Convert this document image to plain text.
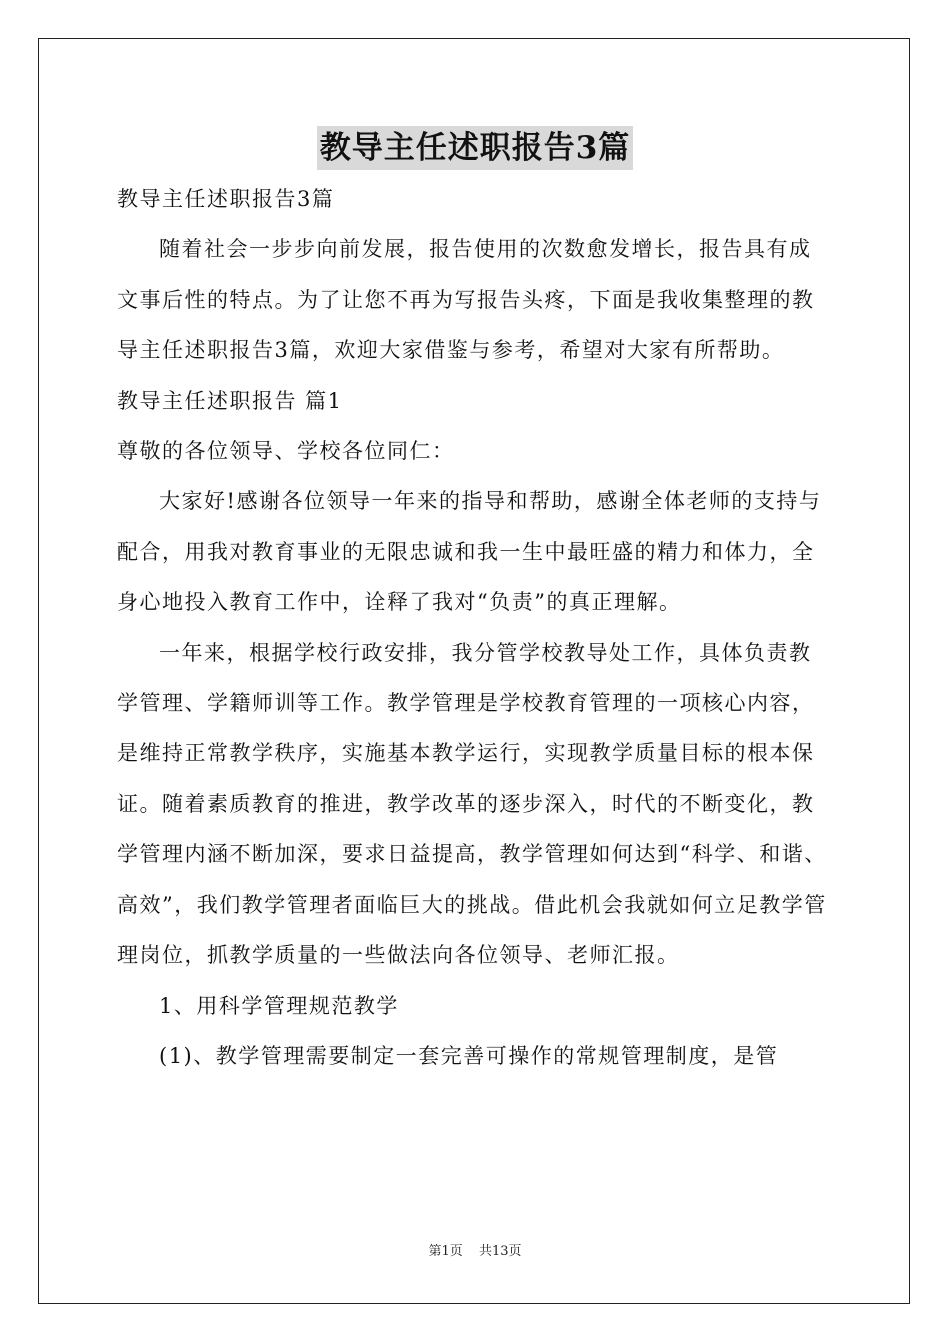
教导主任述职报告3篇

教导主任述职报告3篇

随着社会一步步向前发展，报告使用的次数愈发增长，报告具有成文事后性的特点。为了让您不再为写报告头疼，下面是我收集整理的教导主任述职报告3篇，欢迎大家借鉴与参考，希望对大家有所帮助。

教导主任述职报告 篇1

尊敬的各位领导、学校各位同仁：

大家好!感谢各位领导一年来的指导和帮助，感谢全体老师的支持与配合，用我对教育事业的无限忠诚和我一生中最旺盛的精力和体力，全身心地投入教育工作中，诠释了我对“负责”的真正理解。

一年来，根据学校行政安排，我分管学校教导处工作，具体负责教学管理、学籍师训等工作。教学管理是学校教育管理的一项核心内容，是维持正常教学秩序，实施基本教学运行，实现教学质量目标的根本保证。随着素质教育的推进，教学改革的逐步深入，时代的不断变化，教学管理内涵不断加深，要求日益提高，教学管理如何达到“科学、和谐、高效”，我们教学管理者面临巨大的挑战。借此机会我就如何立足教学管理岗位，抓教学质量的一些做法向各位领导、老师汇报。

1、用科学管理规范教学

(1)、教学管理需要制定一套完善可操作的常规管理制度，是管

第1页 共13页
